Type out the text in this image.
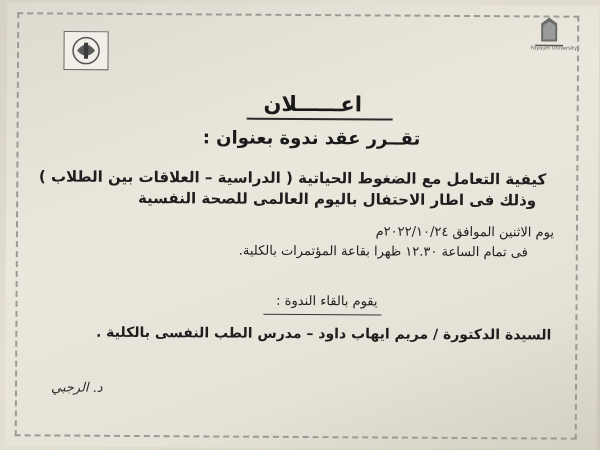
Fayoum University
اعــــــلان
تقــرر عقد ندوة بعنوان :
كيفية التعامل مع الضغوط الحياتية ( الدراسية – العلاقات بين الطلاب )
وذلك فى اطار الاحتفال باليوم العالمى للصحة النفسية
يوم الاثنين الموافق ٢٠٢٢/١٠/٢٤م
فى تمام الساعة ١٢.٣٠ ظهرا بقاعة المؤتمرات بالكلية.
يقوم بالقاء الندوة :
السيدة الدكتورة / مريم ايهاب داود – مدرس الطب النفسى بالكلية .
د. الرجبي
